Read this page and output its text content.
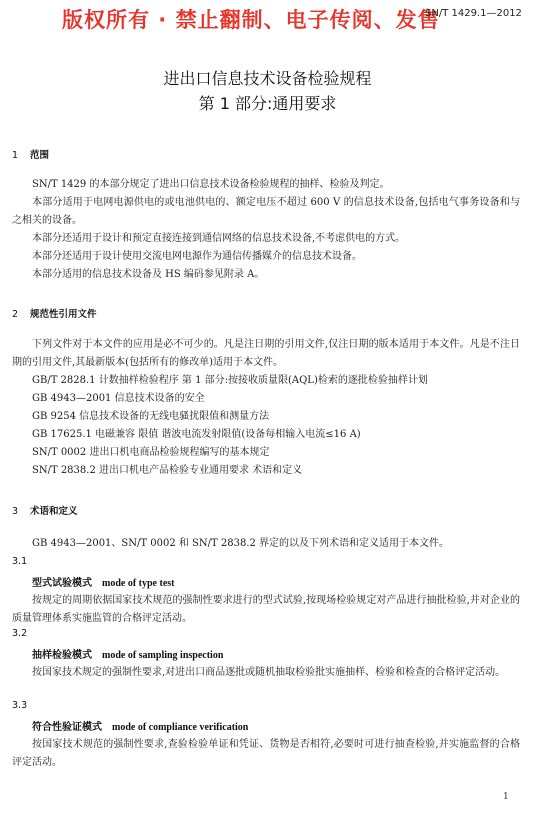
版权所有 · 禁止翻制、电子传阅、发售
SN/T 1429.1—2012
进出口信息技术设备检验规程
第 1 部分:通用要求
1 范围
SN/T 1429 的本部分规定了进出口信息技术设备检验规程的抽样、检验及判定。
本部分适用于电网电源供电的或电池供电的、额定电压不超过 600 V 的信息技术设备,包括电气事务设备和与之相关的设备。
本部分还适用于设计和预定直接连接到通信网络的信息技术设备,不考虑供电的方式。
本部分还适用于设计使用交流电网电源作为通信传播媒介的信息技术设备。
本部分适用的信息技术设备及 HS 编码参见附录 A。
2 规范性引用文件
下列文件对于本文件的应用是必不可少的。凡是注日期的引用文件,仅注日期的版本适用于本文件。凡是不注日期的引用文件,其最新版本(包括所有的修改单)适用于本文件。
GB/T 2828.1 计数抽样检验程序 第 1 部分:按接收质量限(AQL)检索的逐批检验抽样计划
GB 4943—2001 信息技术设备的安全
GB 9254 信息技术设备的无线电骚扰限值和测量方法
GB 17625.1 电磁兼容 限值 谐波电流发射限值(设备每相输入电流≤16 A)
SN/T 0002 进出口机电商品检验规程编写的基本规定
SN/T 2838.2 进出口机电产品检验专业通用要求 术语和定义
3 术语和定义
GB 4943—2001、SN/T 0002 和 SN/T 2838.2 界定的以及下列术语和定义适用于本文件。
3.1
型式试验模式 mode of type test
按规定的周期依据国家技术规范的强制性要求进行的型式试验,按现场检验规定对产品进行抽批检验,并对企业的质量管理体系实施监管的合格评定活动。
3.2
抽样检验模式 mode of sampling inspection
按国家技术规定的强制性要求,对进出口商品逐批或随机抽取检验批实施抽样、检验和检查的合格评定活动。
3.3
符合性验证模式 mode of compliance verification
按国家技术规范的强制性要求,查验检验单证和凭证、货物是否相符,必要时可进行抽查检验,并实施监督的合格评定活动。
1
